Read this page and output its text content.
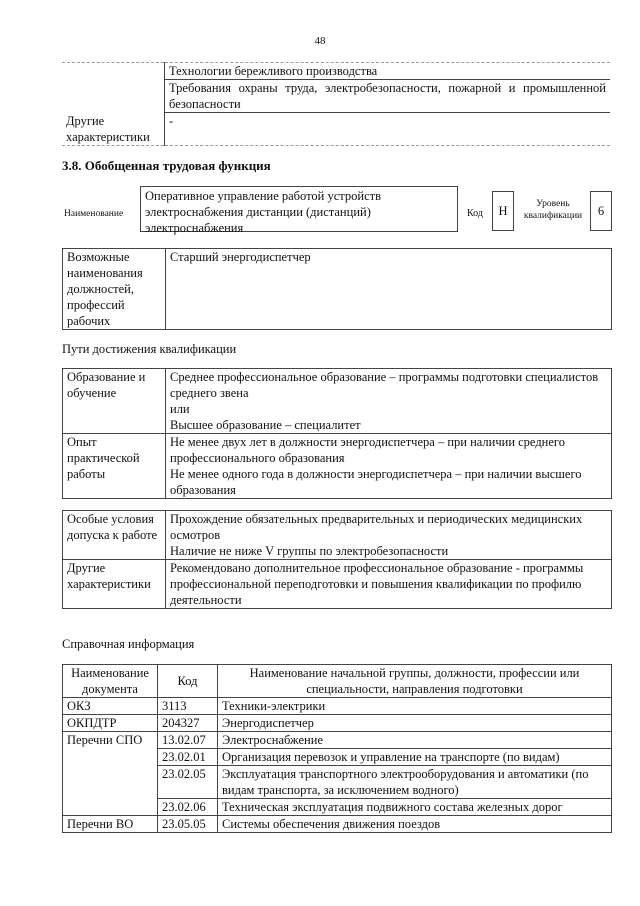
48
	Технологии бережливого производства
	Требования охраны труда, электробезопасности, пожарной и промышленной безопасности
Другие характеристики	-
3.8. Обобщенная трудовая функция
Наименование
Оперативное управление работой устройств электроснабжения дистанции (дистанций) электроснабжения
Код	Н	Уровень квалификации	6
Возможные наименования должностей, профессий рабочих	Старший энергодиспетчер
Пути достижения квалификации
Образование и обучение	Среднее профессиональное образование – программы подготовки специалистов среднего звена
или
Высшее образование – специалитет

Опыт практической работы	Не менее двух лет в должности энергодиспетчера – при наличии среднего профессионального образования
Не менее одного года в должности энергодиспетчера – при наличии высшего образования
Особые условия допуска к работе	Прохождение обязательных предварительных и периодических медицинских осмотров
Наличие не ниже V группы по электробезопасности

Другие характеристики	Рекомендовано дополнительное профессиональное образование - программы профессиональной переподготовки и повышения квалификации по профилю деятельности
Справочная информация
Наименование документа	Код	Наименование начальной группы, должности, профессии или специальности, направления подготовки
ОКЗ	3113	Техники-электрики
ОКПДТР	204327	Энергодиспетчер
Перечни СПО	13.02.07	Электроснабжение
	23.02.01	Организация перевозок и управление на транспорте (по видам)
	23.02.05	Эксплуатация транспортного электрооборудования и автоматики (по видам транспорта, за исключением водного)
	23.02.06	Техническая эксплуатация подвижного состава железных дорог
Перечни ВО	23.05.05	Системы обеспечения движения поездов
